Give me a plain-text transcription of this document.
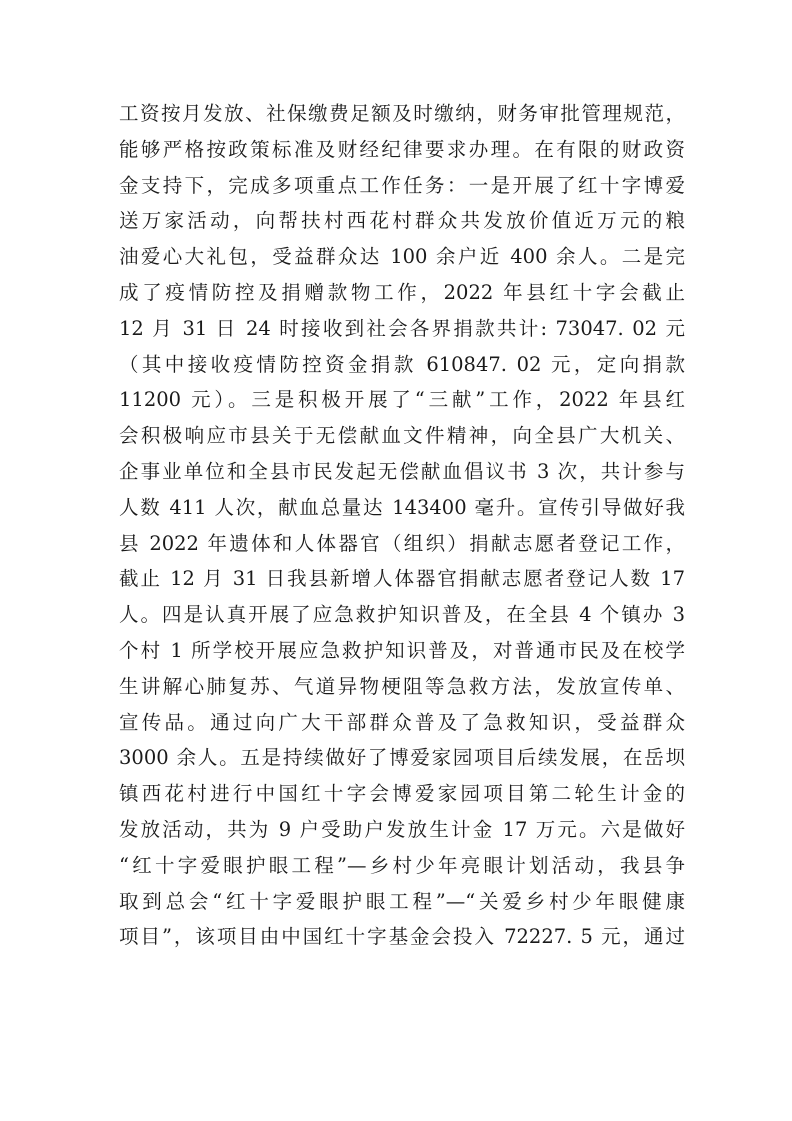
工资按月发放、社保缴费足额及时缴纳，财务审批管理规范，
能够严格按政策标准及财经纪律要求办理。在有限的财政资
金支持下，完成多项重点工作任务：一是开展了红十字博爱
送万家活动，向帮扶村西花村群众共发放价值近万元的粮
油爱心大礼包，受益群众达 100 余户近 400 余人。二是完
成了疫情防控及捐赠款物工作，2022 年县红十字会截止
12 月 31 日 24 时接收到社会各界捐款共计: 73047. 02 元
（其中接收疫情防控资金捐款 610847. 02 元，定向捐款
11200 元）。三是积极开展了“三献”工作，2022 年县红
会积极响应市县关于无偿献血文件精神，向全县广大机关、
企事业单位和全县市民发起无偿献血倡议书 3 次，共计参与
人数 411 人次，献血总量达 143400 毫升。宣传引导做好我
县 2022 年遗体和人体器官（组织）捐献志愿者登记工作，
截止 12 月 31 日我县新增人体器官捐献志愿者登记人数 17
人。四是认真开展了应急救护知识普及，在全县 4 个镇办 3
个村 1 所学校开展应急救护知识普及，对普通市民及在校学
生讲解心肺复苏、气道异物梗阻等急救方法，发放宣传单、
宣传品。通过向广大干部群众普及了急救知识，受益群众
3000 余人。五是持续做好了博爱家园项目后续发展，在岳坝
镇西花村进行中国红十字会博爱家园项目第二轮生计金的
发放活动，共为 9 户受助户发放生计金 17 万元。六是做好
“红十字爱眼护眼工程”—乡村少年亮眼计划活动，我县争
取到总会“红十字爱眼护眼工程”—“关爱乡村少年眼健康
项目”，该项目由中国红十字基金会投入 72227. 5 元，通过
